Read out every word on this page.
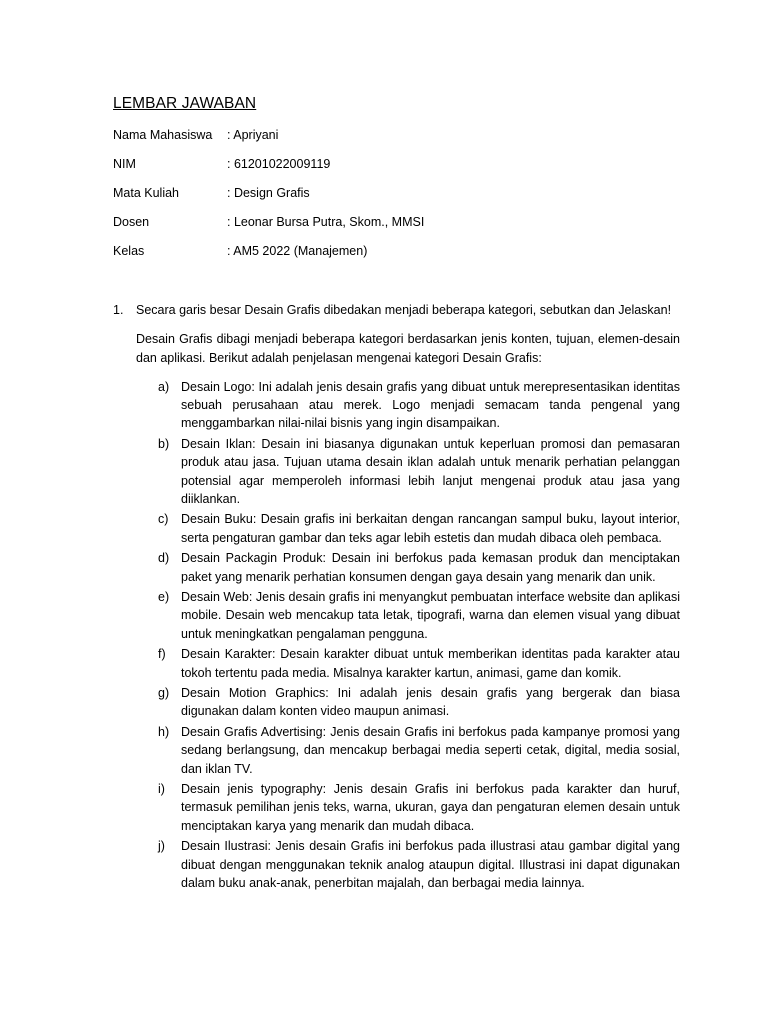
LEMBAR JAWABAN
Nama Mahasiswa	: Apriyani
NIM	: 61201022009119
Mata Kuliah	: Design Grafis
Dosen	: Leonar Bursa Putra, Skom., MMSI
Kelas	: AM5 2022 (Manajemen)
1. Secara garis besar Desain Grafis dibedakan menjadi beberapa kategori, sebutkan dan Jelaskan!
Desain Grafis dibagi menjadi beberapa kategori berdasarkan jenis konten, tujuan, elemen-desain dan aplikasi. Berikut adalah penjelasan mengenai kategori Desain Grafis:
a) Desain Logo: Ini adalah jenis desain grafis yang dibuat untuk merepresentasikan identitas sebuah perusahaan atau merek. Logo menjadi semacam tanda pengenal yang menggambarkan nilai-nilai bisnis yang ingin disampaikan.
b) Desain Iklan: Desain ini biasanya digunakan untuk keperluan promosi dan pemasaran produk atau jasa. Tujuan utama desain iklan adalah untuk menarik perhatian pelanggan potensial agar memperoleh informasi lebih lanjut mengenai produk atau jasa yang diiklankan.
c) Desain Buku: Desain grafis ini berkaitan dengan rancangan sampul buku, layout interior, serta pengaturan gambar dan teks agar lebih estetis dan mudah dibaca oleh pembaca.
d) Desain Packagin Produk: Desain ini berfokus pada kemasan produk dan menciptakan paket yang menarik perhatian konsumen dengan gaya desain yang menarik dan unik.
e) Desain Web: Jenis desain grafis ini menyangkut pembuatan interface website dan aplikasi mobile. Desain web mencakup tata letak, tipografi, warna dan elemen visual yang dibuat untuk meningkatkan pengalaman pengguna.
f) Desain Karakter: Desain karakter dibuat untuk memberikan identitas pada karakter atau tokoh tertentu pada media. Misalnya karakter kartun, animasi, game dan komik.
g) Desain Motion Graphics: Ini adalah jenis desain grafis yang bergerak dan biasa digunakan dalam konten video maupun animasi.
h) Desain Grafis Advertising: Jenis desain Grafis ini berfokus pada kampanye promosi yang sedang berlangsung, dan mencakup berbagai media seperti cetak, digital, media sosial, dan iklan TV.
i) Desain jenis typography: Jenis desain Grafis ini berfokus pada karakter dan huruf, termasuk pemilihan jenis teks, warna, ukuran, gaya dan pengaturan elemen desain untuk menciptakan karya yang menarik dan mudah dibaca.
j) Desain Ilustrasi: Jenis desain Grafis ini berfokus pada illustrasi atau gambar digital yang dibuat dengan menggunakan teknik analog ataupun digital. Illustrasi ini dapat digunakan dalam buku anak-anak, penerbitan majalah, dan berbagai media lainnya.
